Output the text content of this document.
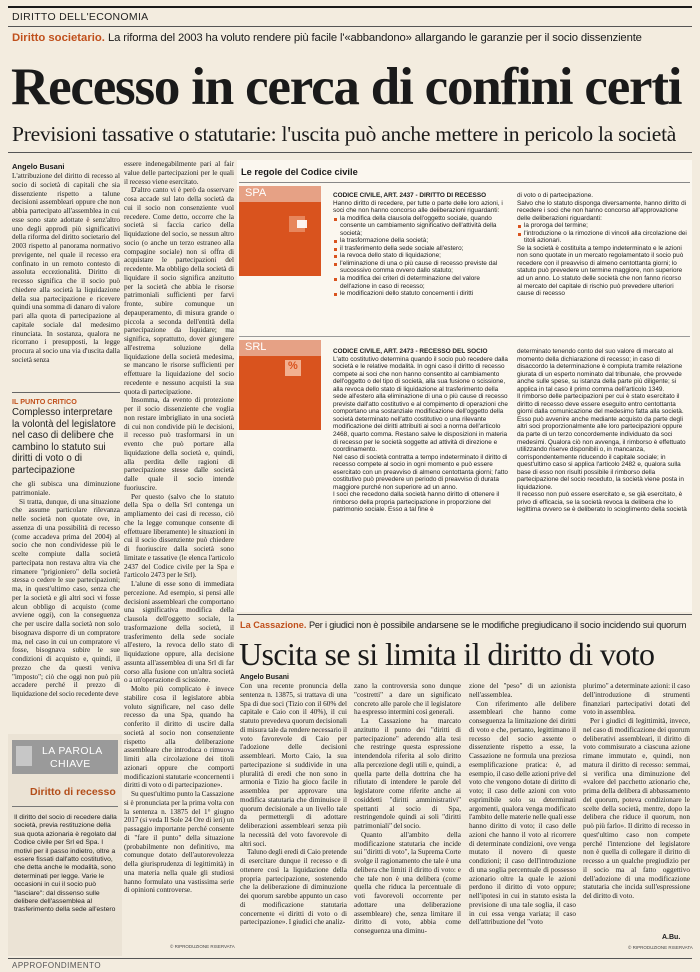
DIRITTO DELL'ECONOMIA
Diritto societario. La riforma del 2003 ha voluto rendere più facile l'«abbandono» allargando le garanzie per il socio dissenziente
Recesso in cerca di confini certi
Previsioni tassative o statutarie: l'uscita può anche mettere in pericolo la società
Angelo Busani

L'attribuzione del diritto di recesso al socio di società di capitali che sia dissenziente rispetto a talune decisioni assembleari oppure che non abbia partecipato all'assemblea in cui esse sono state adottate è senz'altro uno degli approdi più significativi della riforma del diritto societario del 2003 rispetto al panorama normativo previgente, nel quale il recesso era confinato in un remoto contesto di assoluta eccezionalità. Diritto di recesso significa che il socio può chiedere alla società la liquidazione della sua partecipazione e ricevere quindi una somma di danaro di valore pari alla quota di partecipazione al capitale sociale dal medesimo rinunciata. In sostanza, qualora ne ricorrano i presupposti, la legge procura al socio una via d'uscita dalla società senza

IL PUNTO CRITICO
Complesso interpretare la volontà del legislatore nel caso di delibere che cambino lo statuto sui diritti di voto o di partecipazione

che gli subisca una diminuzione patrimoniale.

Si tratta, dunque, di una situazione che assume particolare rilevanza nelle società non quotate ove, in assenza di una possibilità di recesso (come accadeva prima del 2004) al socio che non condividesse più le scelte compiute dalla società partecipata non restava altra via che rimanere "prigioniero" della società stessa o cedere le sue partecipazioni; ma, in quest'ultimo caso, senza che per la società e gli altri soci vi fosse alcun obbligo di acquisto (come avviene oggi), con la conseguenza che per uscire dalla società non solo bisognava disporre di un compratore ma, nel caso in cui un compratore vi fosse, bisognava subire le sue condizioni di acquisto e, quindi, il prezzo che da questi veniva "imposto"; ciò che oggi non può più accadere perché il prezzo di liquidazione del socio recedente deve

LA PAROLA
CHIAVE
Diritto di recesso
Il diritto del socio di recedere dalla società, previa restituzione della sua quota azionaria è regolato dal Codice civile per Srl ed Spa. I motivi per il passo indietro, oltre a essere fissati dall'atto costitutivo, che detta anche le modalità, sono determinati per legge. Varie le occasioni in cui il socio può "lasciare": dal dissenso sulle delibere dell'assemblea al trasferimento della sede all'estero

essere indenegabilmente pari al fair value delle partecipazioni per le quali il recesso viene esercitato.

D'altro canto vi è però da osservare cosa accade sul lato della società da cui il socio non consenziente vuol recedere. Come detto, occorre che la società si faccia carico della liquidazione del socio, se nessun altro socio (o anche un terzo estraneo alla compagine sociale) non si offra di acquistare le partecipazioni del recedente. Ma obbligo della società di liquidare il socio significa anzitutto per la società che abbia le risorse patrimoniali sufficienti per farvi fronte, subire comunque un depauperamento, di misura grande o piccola a seconda dell'entità della partecipazione da liquidare; ma significa, soprattutto, dover giungere all'estrema soluzione della liquidazione della società medesima, se mancano le risorse sufficienti per effettuare la liquidazione del socio recedente e nessuno acquisti la sua quota di partecipazione.

Insomma, da evento di protezione per il socio dissenziente che voglia non restare imbrigliato in una società di cui non condivide più le decisioni, il recesso può trasformarsi in un evento che può portare alla liquidazione della società e, quindi, alla perdita delle ragioni di partecipazione stesse dalle società dalle quale il socio intende fuoriuscire.

Per questo (salvo che lo statuto della Spa o della Srl contenga un ampliamento dei casi di recesso, ciò che la legge comunque consente di effettuare liberamente) le situazioni in cui il socio dissenziente può chiedere di fuoriuscire dalla società sono limitate e tassative (le elenca l'articolo 2437 del Codice civile per la Spa e l'articolo 2473 per le Srl).

L'alune di esse sono di immediata percezione. Ad esempio, si pensi alle decisioni assembleari che comportano una significativa modifica della clausola dell'oggetto sociale, la trasformazione della società, il trasferimento della sede sociale all'estero, la revoca dello stato di liquidazione oppure, alla decisione assunta all'assemblea di una Srl di far corso alla fusione con un'altra società o a un'operazione di scissione.

Molto più complicato è invece stabilire cosa il legislatore abbia voluto significare, nel caso delle recesso da una Spa, quando ha conferito il diritto di uscire dalla società al socio non consenziente rispetto alla deliberazione assembleare che introduca o rimuova limiti alla circolazione dei titoli azionari oppure che comporti modificazioni statutarie «concernenti i diritti di voto o di partecipazione».

Su quest'ultimo punto la Cassazione si è pronunciata per la prima volta con la sentenza n. 13875 del 1° giugno 2017 (si veda Il Sole 24 Ore di ieri) un passaggio importante perché consente di "fare il punto" della situazione (probabilmente non definitivo, ma comunque dotato dell'autorevolezza della giurisprudenza di legittimità) in una materia nella quale gli studiosi hanno formulato una vastissima serie di opinioni controverse.

© RIPRODUZIONE RISERVATA
Le regole del Codice civile
SPA	CODICE CIVILE, ART. 2437 - DIRITTO DI RECESSO

Hanno diritto di recedere, per tutte o parte delle loro azioni, i soci che non hanno concorso alle deliberazioni riguardanti:

la modifica della clausola dell'oggetto sociale, quando consente un cambiamento significativo dell'attività della società;
la trasformazione della società;
il trasferimento della sede sociale all'estero;
la revoca dello stato di liquidazione;
l'eliminazione di una o più cause di recesso previste dal successivo comma ovvero dallo statuto;
la modifica dei criteri di determinazione del valore dell'azione in caso di recesso;
le modificazioni dello statuto concernenti i diritti

di voto o di partecipazione.

Salvo che lo statuto disponga diversamente, hanno diritto di recedere i soci che non hanno concorso all'approvazione delle deliberazioni riguardanti:

la proroga del termine;
l'introduzione o la rimozione di vincoli alla circolazione dei titoli azionari.

Se la società è costituita a tempo indeterminato e le azioni non sono quotate in un mercato regolamentato il socio può recedere con il preavviso di almeno centottanta giorni; lo statuto può prevedere un termine maggiore, non superiore ad un anno. Lo statuto delle società che non fanno ricorso al mercato del capitale di rischio può prevedere ulteriori cause di recesso

SRL
%

CODICE CIVILE, ART. 2473 - RECESSO DEL SOCIO

L'atto costitutivo determina quando il socio può recedere dalla società e le relative modalità. In ogni caso il diritto di recesso compete ai soci che non hanno consentito al cambiamento dell'oggetto o del tipo di società, alla sua fusione o scissione, alla revoca dello stato di liquidazione al trasferimento della sede all'estero alla eliminazione di una o più cause di recesso previste dall'atto costitutivo e al compimento di operazioni che comportano una sostanziale modificazione dell'oggetto della società determinato nell'atto costitutivo o una rilevante modificazione dei diritti attribuiti ai soci a norma dell'articolo 2468, quarto comma. Restano salve le disposizioni in materia di recesso per le società soggette ad attività di direzione e coordinamento.

Nel caso di società contratta a tempo indeterminato il diritto di recesso compete al socio in ogni momento e può essere esercitato con un preavviso di almeno centottanta giorni; l'atto costitutivo può prevedere un periodo di preavviso di durata maggiore purché non superiore ad un anno.

I soci che recedono dalla società hanno diritto di ottenere il rimborso della propria partecipazione in proporzione del patrimonio sociale. Esso a tal fine è

determinato tenendo conto del suo valore di mercato al momento della dichiarazione di recesso; in caso di disaccordo la determinazione è compiuta tramite relazione giurata di un esperto nominato dal tribunale, che provvede anche sulle spese, su istanza della parte più diligente; si applica in tal caso il primo comma dell'articolo 1349.

Il rimborso delle partecipazioni per cui è stato esercitato il diritto di recesso deve essere eseguito entro centottanta giorni dalla comunicazione del medesimo fatta alla società. Esso può avvenire anche mediante acquisto da parte degli altri soci proporzionalmente alle loro partecipazioni oppure da parte di un terzo concordemente individuato da soci medesimi. Qualora ciò non avvenga, il rimborso è effettuato utilizzando riserve disponibili o, in mancanza, corrispondentemente riducendo il capitale sociale; in quest'ultimo caso si applica l'articolo 2482 e, qualora sulla base di esso non risulti possibile il rimborso della partecipazione del socio receduto, la società viene posta in liquidazione.

Il recesso non può essere esercitato e, se già esercitato, è privo di efficacia, se la società revoca la delibera che lo legittima ovvero se è deliberato lo scioglimento della società

La Cassazione. Per i giudici non è possibile andarsene se le modifiche pregiudicano il socio incidendo sui quorum
Uscita se si limita il diritto di voto
Angelo Busani

Con una recente pronuncia della sentenza n. 13875, si trattava di una Spa di due soci (Tizio con il 60% del capitale e Caio con il 40%), il cui statuto prevedeva quorum decisionali di misura tale da rendere necessario il voto favorevole di Caio per l'adozione delle decisioni assembleari. Morto Caio, la sua partecipazione si suddivide in una pluralità di eredi che non sono in armonia e Tizio ha gioco facile in assemblea per approvare una modifica statutaria che diminuisce il quorum decisionale a un livello tale da permettergli di adottare deliberazioni assembleari senza più la necessità del voto favorevole di altri soci.

Taluno degli eredi di Caio pretende di esercitare dunque il recesso e di ottenere così la liquidazione della propria partecipazione, sostenendo che la deliberazione di diminuzione dei quorum sarebbe appunto un caso di modificazione statutaria concernente «i diritti di voto o di partecipazione». I giudici che analiz-

zano la controversia sono dunque "costretti" a dare un significato concreto alle parole che il legislatore ha espresso intermini così generali.

La Cassazione ha marcato anzitutto il punto dei "diritti di partecipazione" aderendo alla tesi che restringe questa espressione intendendola riferita al solo diritto alla percezione degli utili e, quindi, a quella parte della dottrina che ha rifiutato di intendere le parole del legislatore come riferite anche ai cosiddetti "diritti amministrativi" spettanti al socio di Spa, restringendole quindi ai soli "diritti patrimoniali" del socio.

Quanto all'ambito della modificazione statutaria che incide sui "diritti di voto", la Suprema Corte svolge il ragionamento che tale è una delibera che limiti il diritto di voto: e che tale non è una delibera (come quella che riduca la percentuale di voti favorevoli occorrente per adottare una deliberazione assembleare) che, senza limitare il diritto di voto, abbia come conseguenza una diminu-

zione del "peso" di un azionista nell'assemblea.

Con riferimento alle delibere assembleari che hanno come conseguenza la limitazione dei diritti di voto e che, pertanto, legittimano il recesso del socio assente o dissenziente rispetto a esse, la Cassazione ne formula una preziosa esemplificazione pratica: è, ad esempio, il caso delle azioni prive del voto che vengono dotate di diritto di voto; il caso delle azioni con voto esprimibile solo su determinati argomenti, qualora venga modificato l'ambito delle materie nelle quali esse hanno diritto di voto; il caso delle azioni che hanno il voto al ricorrere di determinate condizioni, ove venga mutato il novero di queste condizioni; il caso dell'introduzione di una soglia percentuale di possesso azionario oltre la quale le azioni perdono il diritto di voto oppure; nell'ipotesi in cui in statuto esista la previsione di una tale soglia, il caso in cui essa venga variata; il caso dell'attribuzione del "voto

plurimo" a determinate azioni: il caso dell'introduzione di strumenti finanziari partecipativi dotati del voto in assemblea.

Per i giudici di legittimità, invece, nel caso di modificazione dei quorum deliberativi assembleari, il diritto di voto commisurato a ciascuna azione rimane immutato e, quindi, non matura il diritto di recesso: semmai, si verifica una diminuzione del «valore del pacchetto azionario che, prima della delibera di abbassamento del quorum, poteva condizionare le scelte della società, mentre, dopo la delibera che riduce il quorum, non può più farlo». Il diritto di recesso in quest'ultimo caso non compete perché l'intenzione del legislatore non è quella di collegare il diritto di recesso a un qualche pregiudizio per il socio ma al fatto oggettivo dell'adozione di una modificazione statutaria che incida sull'espressione del diritto di voto.

A.Bu.
© RIPRODUZIONE RISERVATA
APPROFONDIMENTO
